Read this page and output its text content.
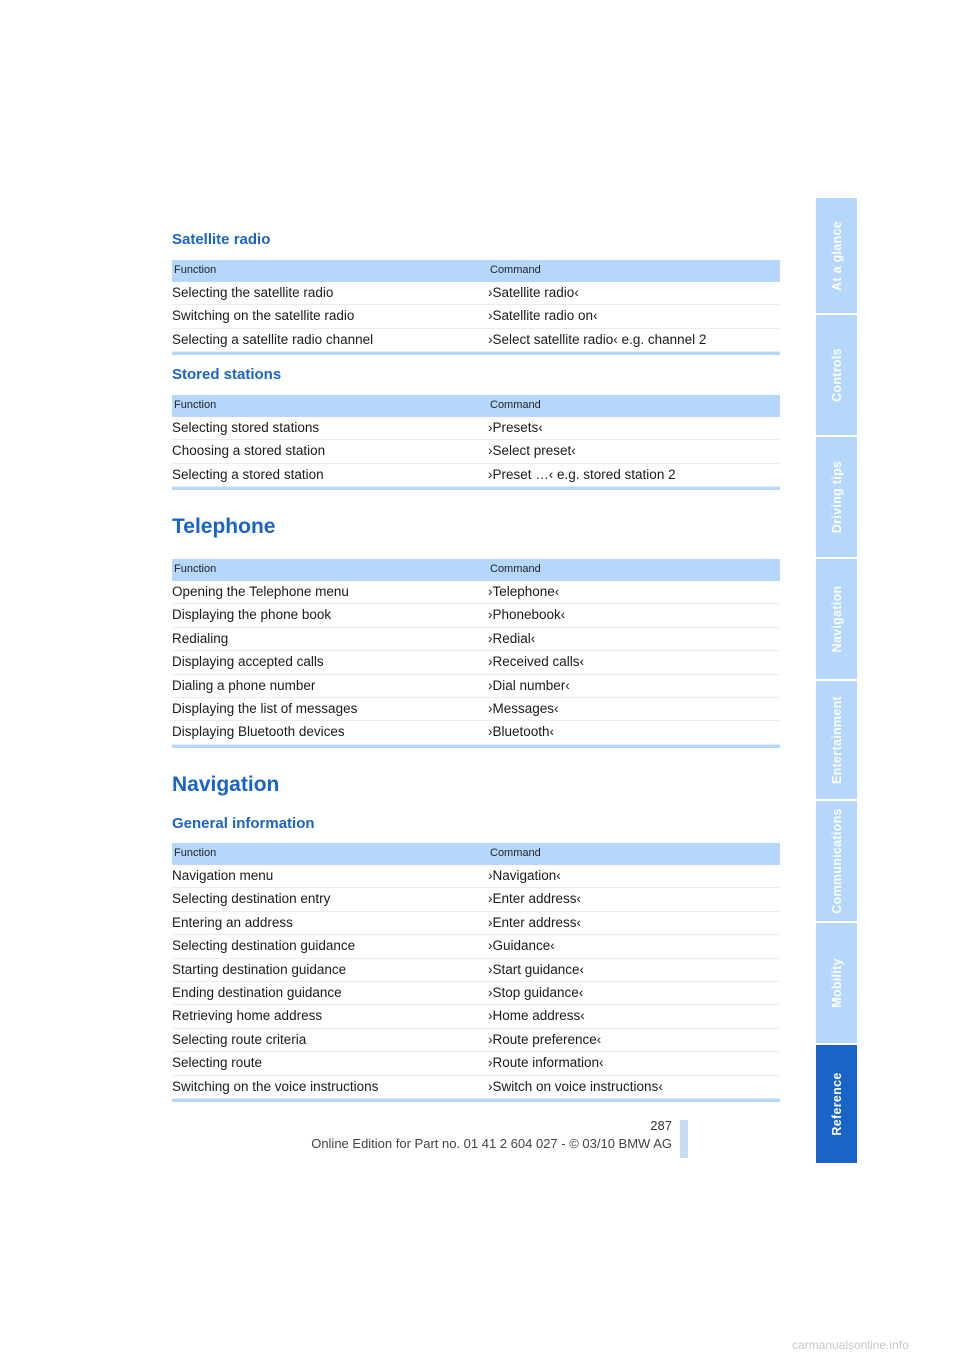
Satellite radio
Function	Command
Selecting the satellite radio	›Satellite radio‹
Switching on the satellite radio	›Satellite radio on‹
Selecting a satellite radio channel	›Select satellite radio‹ e.g. channel 2
Stored stations
Function	Command
Selecting stored stations	›Presets‹
Choosing a stored station	›Select preset‹
Selecting a stored station	›Preset …‹ e.g. stored station 2
Telephone
Function	Command
Opening the Telephone menu	›Telephone‹
Displaying the phone book	›Phonebook‹
Redialing	›Redial‹
Displaying accepted calls	›Received calls‹
Dialing a phone number	›Dial number‹
Displaying the list of messages	›Messages‹
Displaying Bluetooth devices	›Bluetooth‹
Navigation
General information
Function	Command
Navigation menu	›Navigation‹
Selecting destination entry	›Enter address‹
Entering an address	›Enter address‹
Selecting destination guidance	›Guidance‹
Starting destination guidance	›Start guidance‹
Ending destination guidance	›Stop guidance‹
Retrieving home address	›Home address‹
Selecting route criteria	›Route preference‹
Selecting route	›Route information‹
Switching on the voice instructions	›Switch on voice instructions‹
At a glance
Controls
Driving tips
Navigation
Entertainment
Communications
Mobility
Reference
287
Online Edition for Part no. 01 41 2 604 027 - © 03/10 BMW AG
carmanualsonline.info
